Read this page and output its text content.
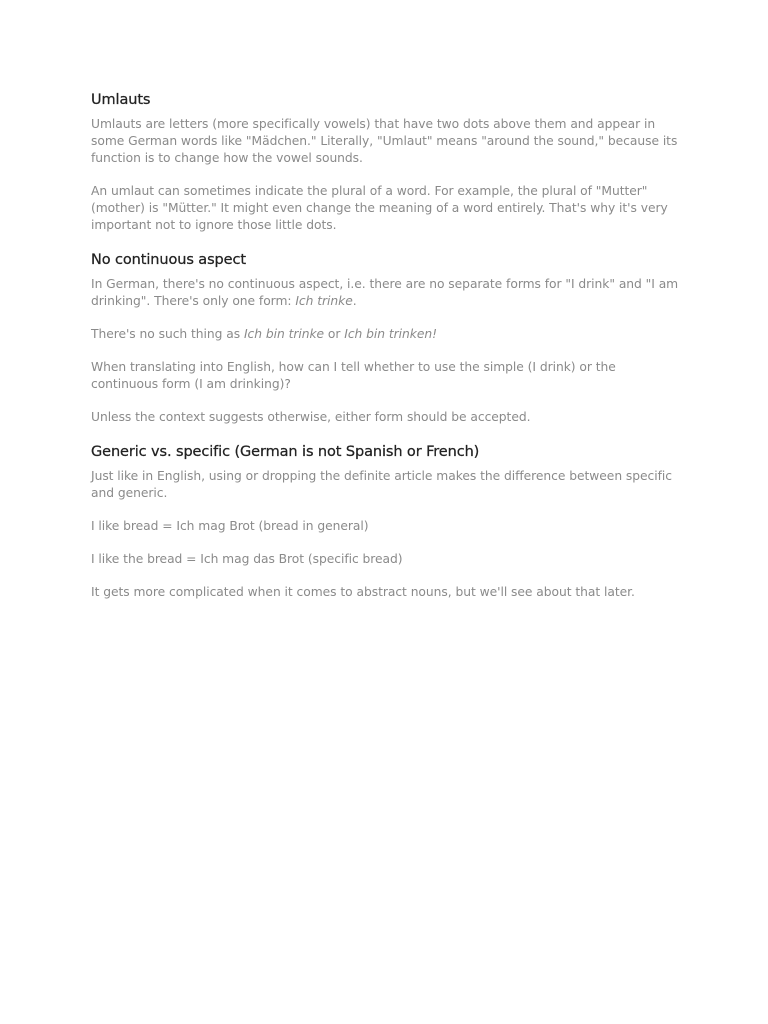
Umlauts

Umlauts are letters (more specifically vowels) that have two dots above them and appear in some German words like "Mädchen." Literally, "Umlaut" means "around the sound," because its function is to change how the vowel sounds.

An umlaut can sometimes indicate the plural of a word. For example, the plural of "Mutter" (mother) is "Mütter." It might even change the meaning of a word entirely. That's why it's very important not to ignore those little dots.

No continuous aspect

In German, there's no continuous aspect, i.e. there are no separate forms for "I drink" and "I am drinking". There's only one form: Ich trinke.

There's no such thing as Ich bin trinke or Ich bin trinken!

When translating into English, how can I tell whether to use the simple (I drink) or the continuous form (I am drinking)?

Unless the context suggests otherwise, either form should be accepted.

Generic vs. specific (German is not Spanish or French)

Just like in English, using or dropping the definite article makes the difference between specific and generic.

I like bread = Ich mag Brot (bread in general)

I like the bread = Ich mag das Brot (specific bread)

It gets more complicated when it comes to abstract nouns, but we'll see about that later.
